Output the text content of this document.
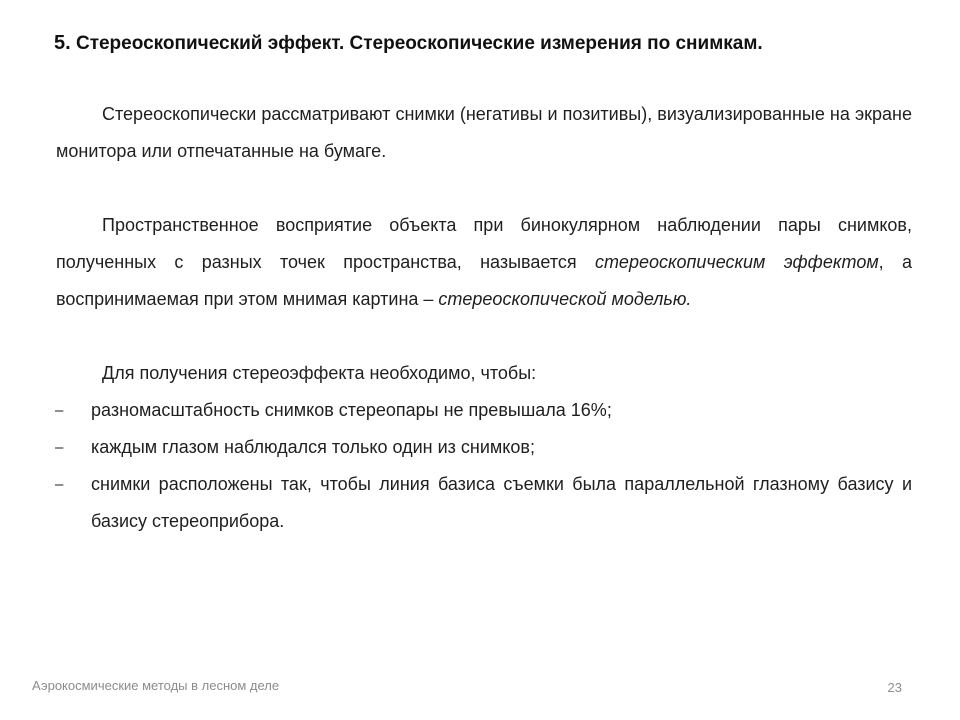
5. Стереоскопический эффект. Стереоскопические измерения по снимкам.

Стереоскопически рассматривают снимки (негативы и позитивы), визуализированные на экране монитора или отпечатанные на бумаге.

Пространственное восприятие объекта при бинокулярном наблюдении пары снимков, полученных с разных точек пространства, называется стереоскопическим эффектом, а воспринимаемая при этом мнимая картина – стереоскопической моделью.

Для получения стереоэффекта необходимо, чтобы:

– разномасштабность снимков стереопары не превышала 16%;
– каждым глазом наблюдался только один из снимков;
– снимки расположены так, чтобы линия базиса съемки была параллельной глазному базису и базису стереоприбора.
Аэрокосмические методы в лесном деле	23
